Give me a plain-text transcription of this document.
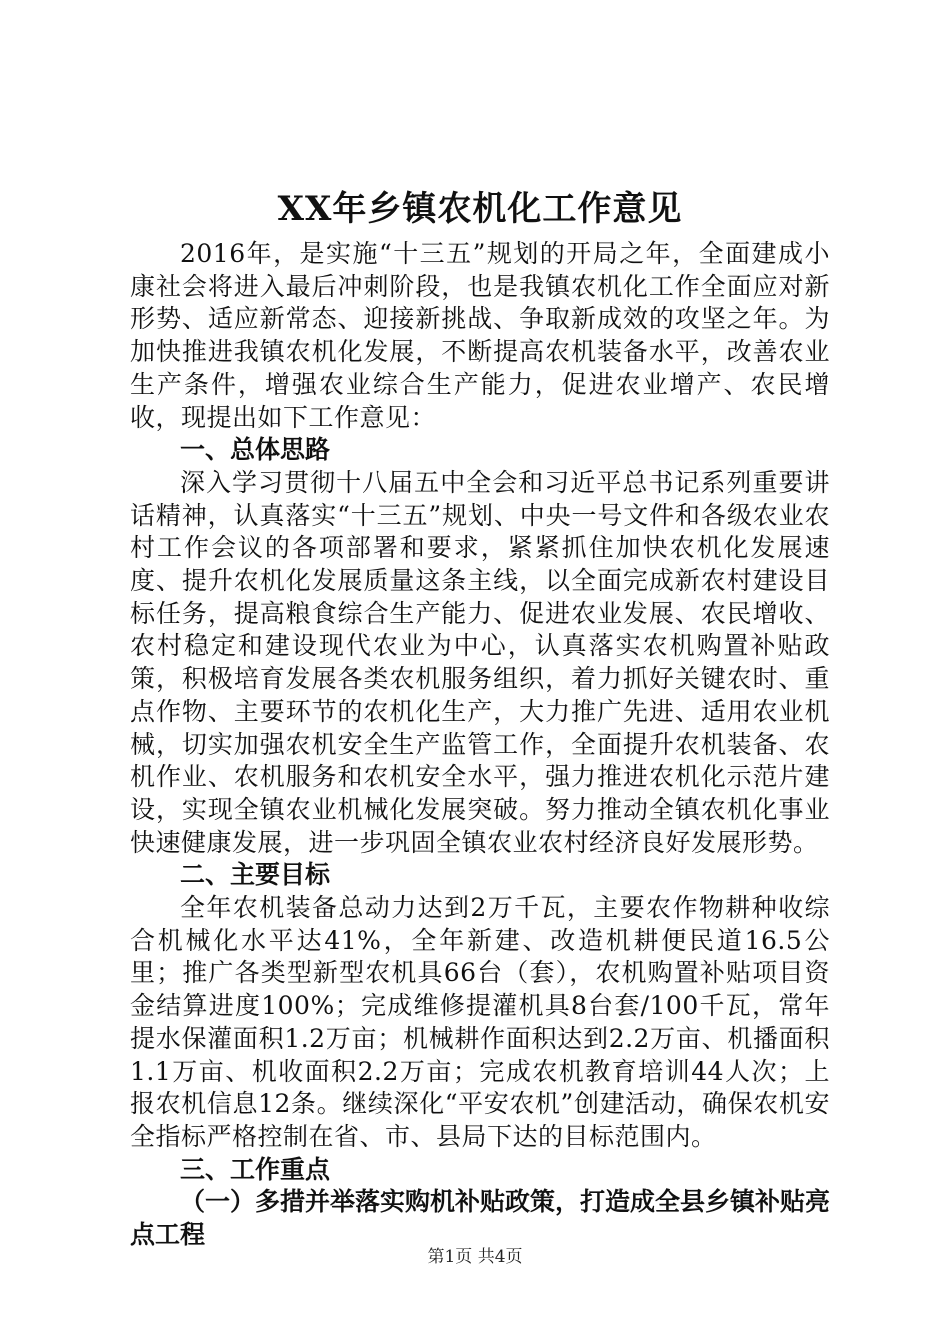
XX年乡镇农机化工作意见

2016年，是实施“十三五”规划的开局之年，全面建成小康社会将进入最后冲刺阶段，也是我镇农机化工作全面应对新形势、适应新常态、迎接新挑战、争取新成效的攻坚之年。为加快推进我镇农机化发展，不断提高农机装备水平，改善农业生产条件，增强农业综合生产能力，促进农业增产、农民增收，现提出如下工作意见：

一、总体思路

深入学习贯彻十八届五中全会和习近平总书记系列重要讲话精神，认真落实“十三五”规划、中央一号文件和各级农业农村工作会议的各项部署和要求，紧紧抓住加快农机化发展速度、提升农机化发展质量这条主线，以全面完成新农村建设目标任务，提高粮食综合生产能力、促进农业发展、农民增收、农村稳定和建设现代农业为中心，认真落实农机购置补贴政策，积极培育发展各类农机服务组织，着力抓好关键农时、重点作物、主要环节的农机化生产，大力推广先进、适用农业机械，切实加强农机安全生产监管工作，全面提升农机装备、农机作业、农机服务和农机安全水平，强力推进农机化示范片建设，实现全镇农业机械化发展突破。努力推动全镇农机化事业快速健康发展，进一步巩固全镇农业农村经济良好发展形势。

二、主要目标

全年农机装备总动力达到2万千瓦，主要农作物耕种收综合机械化水平达41%，全年新建、改造机耕便民道16.5公里；推广各类型新型农机具66台（套），农机购置补贴项目资金结算进度100%；完成维修提灌机具8台套/100千瓦，常年提水保灌面积1.2万亩；机械耕作面积达到2.2万亩、机播面积1.1万亩、机收面积2.2万亩；完成农机教育培训44人次；上报农机信息12条。继续深化“平安农机”创建活动，确保农机安全指标严格控制在省、市、县局下达的目标范围内。

三、工作重点

（一）多措并举落实购机补贴政策，打造成全县乡镇补贴亮点工程

第1页 共4页
